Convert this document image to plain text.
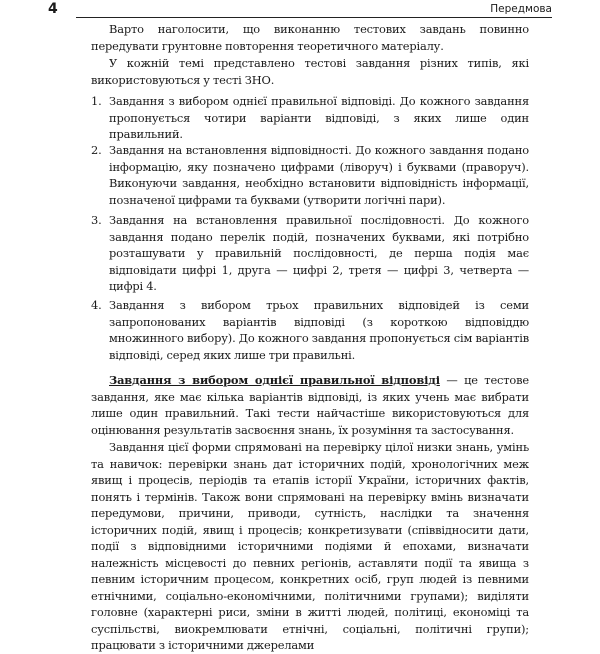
4	Передмова

Варто наголосити, що виконанню тестових завдань повинно передувати грунтовне повторення теоретичного матеріалу.

У кожній темі представлено тестові завдання різних типів, які використовуються у тесті ЗНО.

1. Завдання з вибором однієї правильної відповіді. До кожного завдання пропонується чотири варіанти відповіді, з яких лише один правильний.
2. Завдання на встановлення відповідності. До кожного завдання подано інформацію, яку позначено цифрами (ліворуч) і буквами (праворуч). Виконуючи завдання, необхідно встановити відповідність інформації, позначеної цифрами та буквами (утворити логічні пари).
3. Завдання на встановлення правильної послідовності. До кожного завдання подано перелік подій, позначених буквами, які потрібно розташувати у правильній послідовності, де перша подія має відповідати цифрі 1, друга — цифрі 2, третя — цифрі 3, четверта — цифрі 4.
4. Завдання з вибором трьох правильних відповідей із семи запропонованих варіантів відповіді (з короткою відповіддю множинного вибору). До кожного завдання пропонується сім варіантів відповіді, серед яких лише три правильні.

Завдання з вибором однієї правильної відповіді — це тестове завдання, яке має кілька варіантів відповіді, із яких учень має вибрати лише один правильний. Такі тести найчастіше використовуються для оцінювання результатів засвоєння знань, їх розуміння та застосування.

Завдання цієї форми спрямовані на перевірку цілої низки знань, умінь та навичок: перевірки знань дат історичних подій, хронологічних меж явищ і процесів, періодів та етапів історії України, історичних фактів, понять і термінів. Також вони спрямовані на перевірку вмінь визначати передумови, причини, приводи, сутність, наслідки та значення історичних подій, явищ і процесів; конкретизувати (співвідносити дати, події з відповідними історичними подіями й епохами, визначати належність місцевості до певних регіонів, аставляти події та явища з певним історичним процесом, конкретних осіб, груп людей із певними етнічними, соціально-економічними, політичними групами); виділяти головне (характерні риси, зміни в житті людей, політиці, економіці та суспільстві, виокремлювати етнічні, соціальні, політичні групи); працювати з історичними джерелами
